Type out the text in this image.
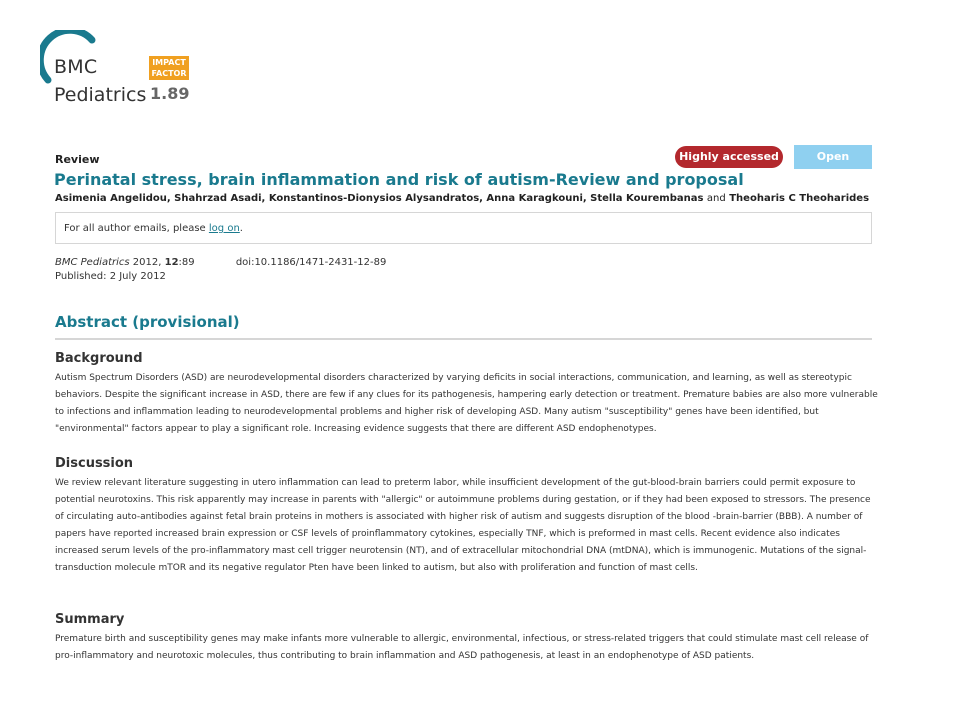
BMC
Pediatrics
IMPACT FACTOR
1.89
Review	Highly accessed	Open Access
Perinatal stress, brain inflammation and risk of autism-Review and proposal
Asimenia Angelidou, Shahrzad Asadi, Konstantinos-Dionysios Alysandratos, Anna Karagkouni, Stella Kourembanas and Theoharis C Theoharides
For all author emails, please log on.
BMC Pediatrics 2012, 12:89	doi:10.1186/1471-2431-12-89
Published: 2 July 2012
Abstract (provisional)
Background

Autism Spectrum Disorders (ASD) are neurodevelopmental disorders characterized by varying deficits in social interactions, communication, and learning, as well as stereotypic behaviors. Despite the significant increase in ASD, there are few if any clues for its pathogenesis, hampering early detection or treatment. Premature babies are also more vulnerable to infections and inflammation leading to neurodevelopmental problems and higher risk of developing ASD. Many autism "susceptibility" genes have been identified, but "environmental" factors appear to play a significant role. Increasing evidence suggests that there are different ASD endophenotypes.

Discussion

We review relevant literature suggesting in utero inflammation can lead to preterm labor, while insufficient development of the gut-blood-brain barriers could permit exposure to potential neurotoxins. This risk apparently may increase in parents with "allergic" or autoimmune problems during gestation, or if they had been exposed to stressors. The presence of circulating auto-antibodies against fetal brain proteins in mothers is associated with higher risk of autism and suggests disruption of the blood -brain-barrier (BBB). A number of papers have reported increased brain expression or CSF levels of proinflammatory cytokines, especially TNF, which is preformed in mast cells. Recent evidence also indicates increased serum levels of the pro-inflammatory mast cell trigger neurotensin (NT), and of extracellular mitochondrial DNA (mtDNA), which is immunogenic. Mutations of the signal-transduction molecule mTOR and its negative regulator Pten have been linked to autism, but also with proliferation and function of mast cells.

Summary

Premature birth and susceptibility genes may make infants more vulnerable to allergic, environmental, infectious, or stress-related triggers that could stimulate mast cell release of pro-inflammatory and neurotoxic molecules, thus contributing to brain inflammation and ASD pathogenesis, at least in an endophenotype of ASD patients.
